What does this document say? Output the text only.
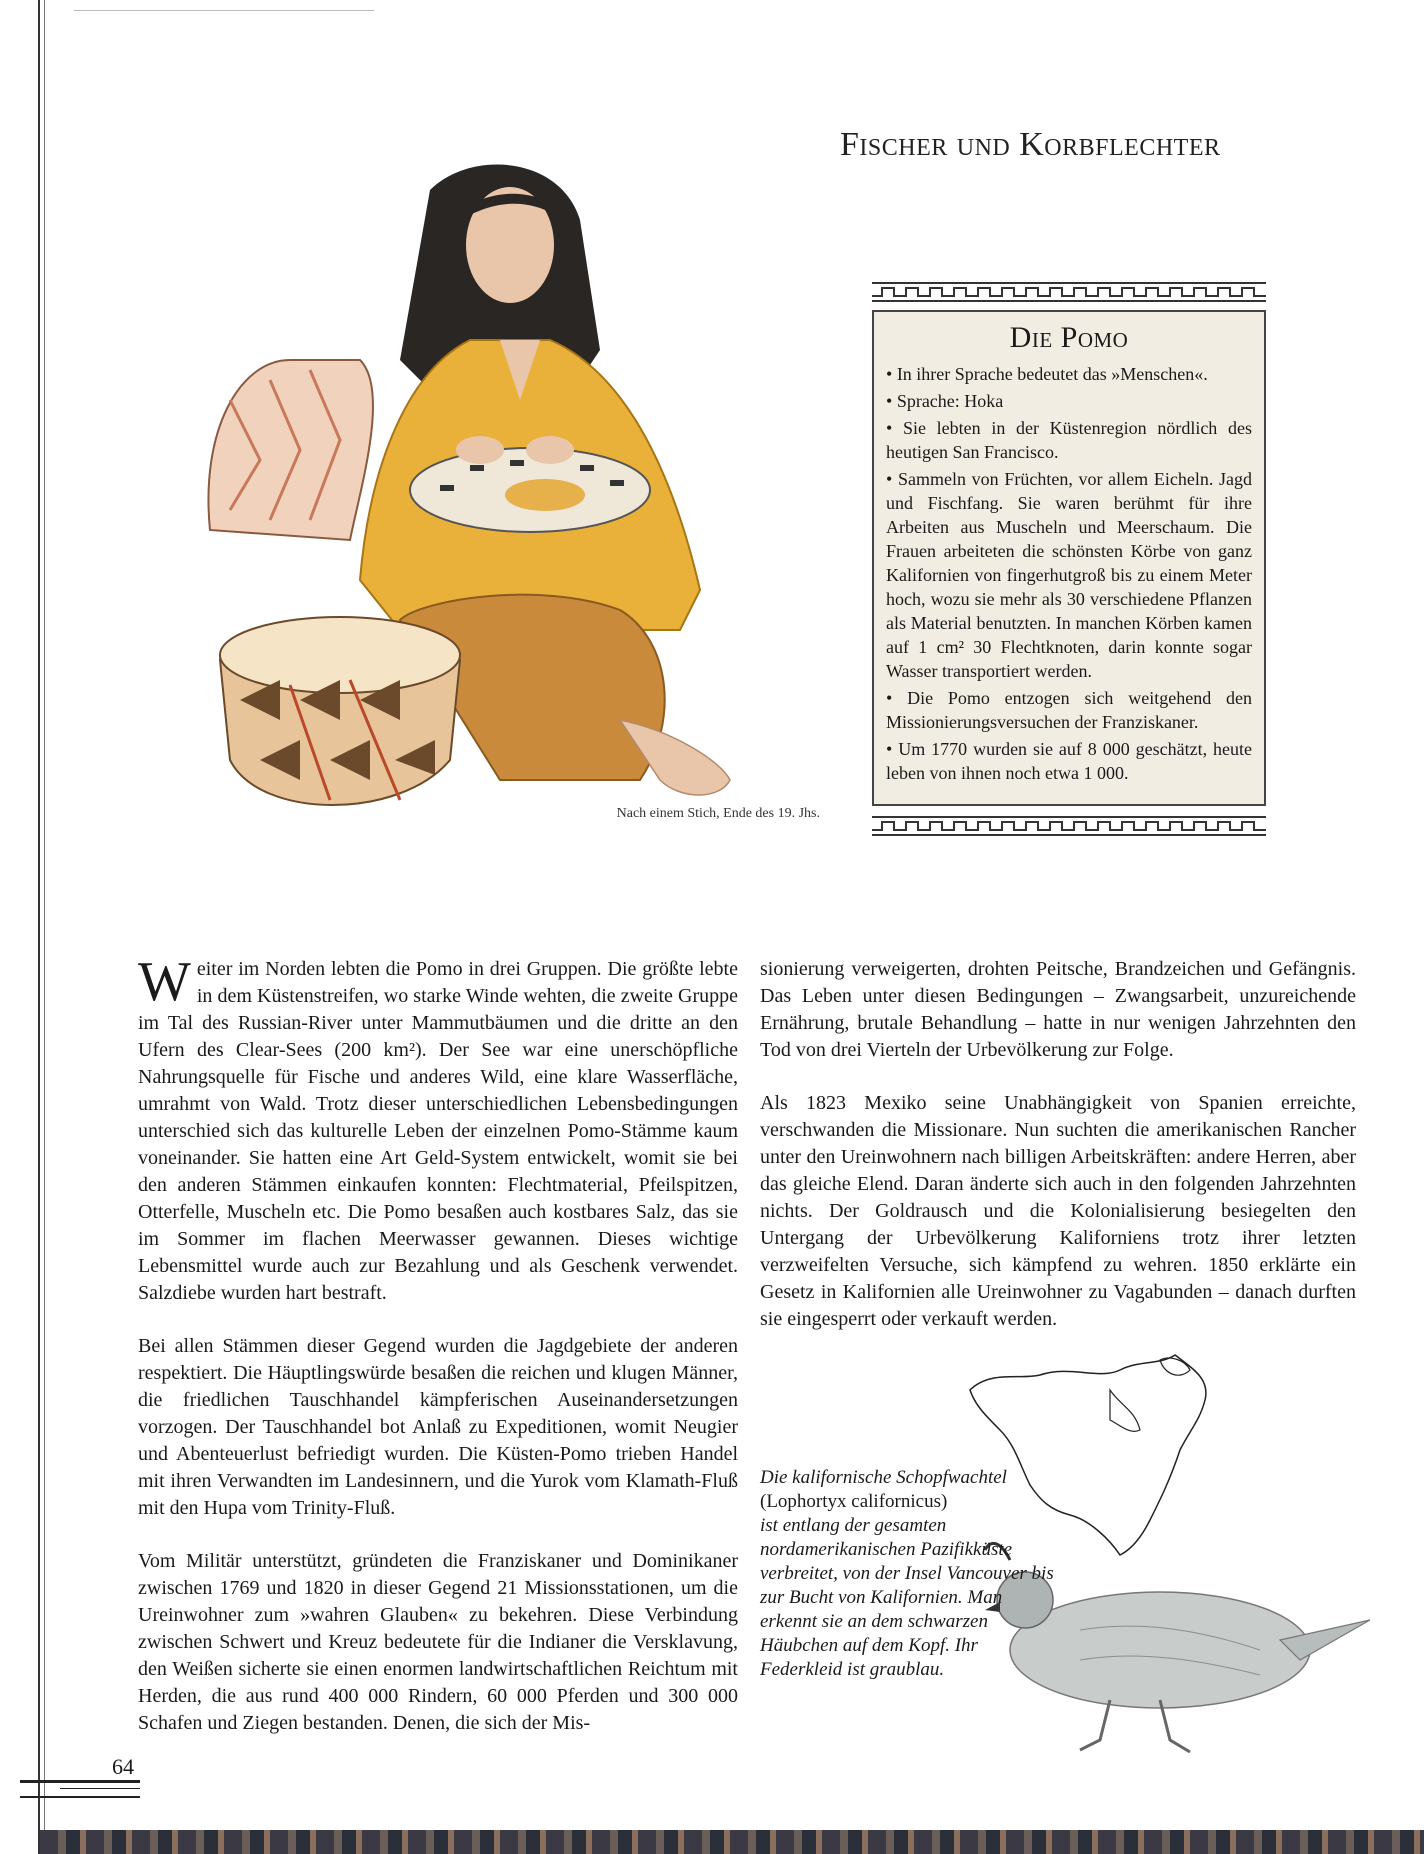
Fischer und Korbflechter
Die Pomo
• In ihrer Sprache bedeutet das »Menschen«.
• Sprache: Hoka
• Sie lebten in der Küstenregion nördlich des heutigen San Francisco.
• Sammeln von Früchten, vor allem Eicheln. Jagd und Fischfang. Sie waren berühmt für ihre Arbeiten aus Muscheln und Meerschaum. Die Frauen arbeiteten die schönsten Körbe von ganz Kalifornien von fingerhutgroß bis zu einem Meter hoch, wozu sie mehr als 30 verschiedene Pflanzen als Material benutzten. In manchen Körben kamen auf 1 cm² 30 Flechtknoten, darin konnte sogar Wasser transportiert werden.
• Die Pomo entzogen sich weitgehend den Missionierungsversuchen der Franziskaner.
• Um 1770 wurden sie auf 8 000 geschätzt, heute leben von ihnen noch etwa 1 000.
Nach einem Stich, Ende des 19. Jhs.

Weiter im Norden lebten die Pomo in drei Gruppen. Die größte lebte in dem Küstenstreifen, wo starke Winde wehten, die zweite Gruppe im Tal des Russian-River unter Mammutbäumen und die dritte an den Ufern des Clear-Sees (200 km²). Der See war eine unerschöpfliche Nahrungsquelle für Fische und anderes Wild, eine klare Wasserfläche, umrahmt von Wald. Trotz dieser unterschiedlichen Lebensbedingungen unterschied sich das kulturelle Leben der einzelnen Pomo-Stämme kaum voneinander. Sie hatten eine Art Geld-System entwickelt, womit sie bei den anderen Stämmen einkaufen konnten: Flechtmaterial, Pfeilspitzen, Otterfelle, Muscheln etc. Die Pomo besaßen auch kostbares Salz, das sie im Sommer im flachen Meerwasser gewannen. Dieses wichtige Lebensmittel wurde auch zur Bezahlung und als Geschenk verwendet. Salzdiebe wurden hart bestraft.

Bei allen Stämmen dieser Gegend wurden die Jagdgebiete der anderen respektiert. Die Häuptlingswürde besaßen die reichen und klugen Männer, die friedlichen Tauschhandel kämpferischen Auseinandersetzungen vorzogen. Der Tauschhandel bot Anlaß zu Expeditionen, womit Neugier und Abenteuerlust befriedigt wurden. Die Küsten-Pomo trieben Handel mit ihren Verwandten im Landesinnern, und die Yurok vom Klamath-Fluß mit den Hupa vom Trinity-Fluß.

Vom Militär unterstützt, gründeten die Franziskaner und Dominikaner zwischen 1769 und 1820 in dieser Gegend 21 Missionsstationen, um die Ureinwohner zum »wahren Glauben« zu bekehren. Diese Verbindung zwischen Schwert und Kreuz bedeutete für die Indianer die Versklavung, den Weißen sicherte sie einen enormen landwirtschaftlichen Reichtum mit Herden, die aus rund 400 000 Rindern, 60 000 Pferden und 300 000 Schafen und Ziegen bestanden. Denen, die sich der Mis-

sionierung verweigerten, drohten Peitsche, Brandzeichen und Gefängnis. Das Leben unter diesen Bedingungen – Zwangsarbeit, unzureichende Ernährung, brutale Behandlung – hatte in nur wenigen Jahrzehnten den Tod von drei Vierteln der Urbevölkerung zur Folge.

Als 1823 Mexiko seine Unabhängigkeit von Spanien erreichte, verschwanden die Missionare. Nun suchten die amerikanischen Rancher unter den Ureinwohnern nach billigen Arbeitskräften: andere Herren, aber das gleiche Elend. Daran änderte sich auch in den folgenden Jahrzehnten nichts. Der Goldrausch und die Kolonialisierung besiegelten den Untergang der Urbevölkerung Kaliforniens trotz ihrer letzten verzweifelten Versuche, sich kämpfend zu wehren. 1850 erklärte ein Gesetz in Kalifornien alle Ureinwohner zu Vagabunden – danach durften sie eingesperrt oder verkauft werden.

Die kalifornische Schopfwachtel
(Lophortyx californicus)
ist entlang der gesamten nordamerikanischen Pazifikküste verbreitet, von der Insel Vancouver bis zur Bucht von Kalifornien. Man erkennt sie an dem schwarzen Häubchen auf dem Kopf. Ihr Federkleid ist graublau.
64
